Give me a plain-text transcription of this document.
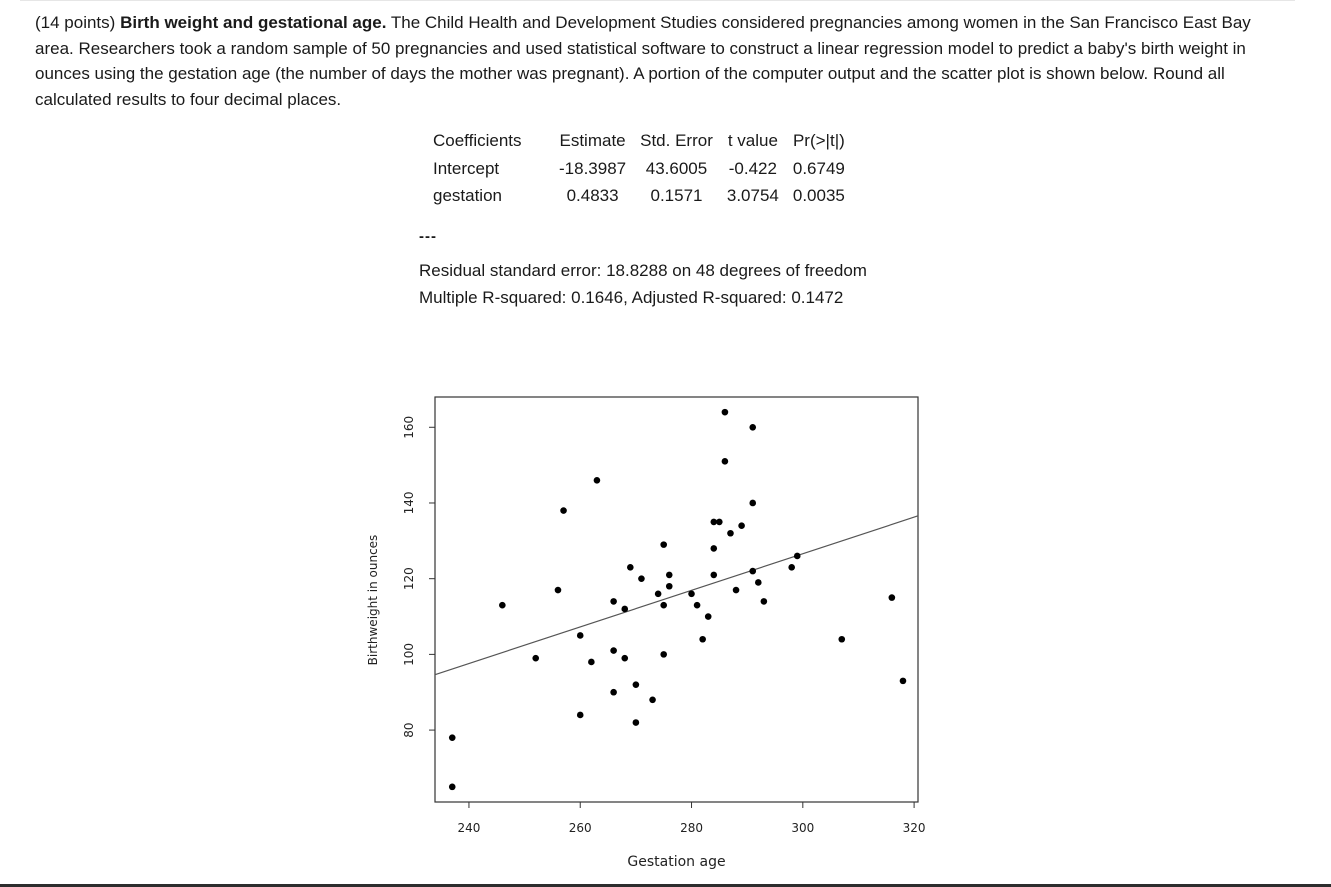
(14 points) Birth weight and gestational age. The Child Health and Development Studies considered pregnancies among women in the San Francisco East Bay area. Researchers took a random sample of 50 pregnancies and used statistical software to construct a linear regression model to predict a baby's birth weight in ounces using the gestation age (the number of days the mother was pregnant). A portion of the computer output and the scatter plot is shown below. Round all calculated results to four decimal places.
Coefficients	Estimate	Std. Error	t value	Pr(>|t|)
Intercept	-18.3987	43.6005	-0.422	0.6749
gestation	0.4833	0.1571	3.0754	0.0035
---
Residual standard error: 18.8288 on 48 degrees of freedom
Multiple R-squared: 0.1646, Adjusted R-squared: 0.1472
240	260	280	300	320
80
100
120
140
160
Gestation age
Birthweight in ounces
